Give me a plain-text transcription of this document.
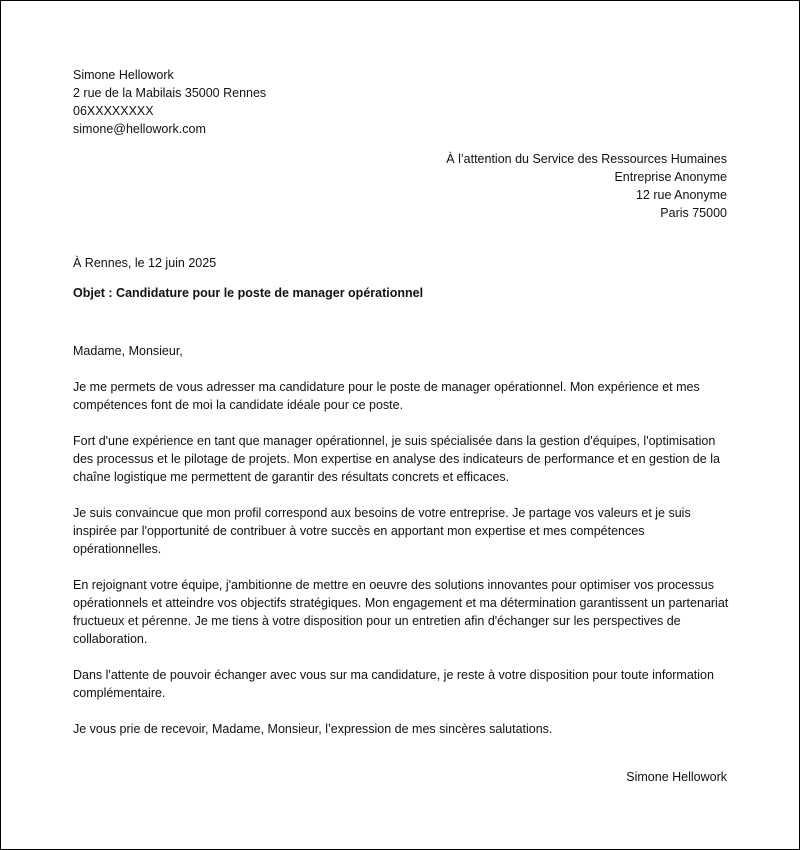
Simone Hellowork
2 rue de la Mabilais 35000 Rennes
06XXXXXXXX
simone@hellowork.com
À l’attention du Service des Ressources Humaines
Entreprise Anonyme
12 rue Anonyme
Paris 75000
À Rennes, le 12 juin 2025
Objet : Candidature pour le poste de manager opérationnel

Madame, Monsieur,

Je me permets de vous adresser ma candidature pour le poste de manager opérationnel. Mon expérience et mes compétences font de moi la candidate idéale pour ce poste.

Fort d'une expérience en tant que manager opérationnel, je suis spécialisée dans la gestion d'équipes, l'optimisation des processus et le pilotage de projets. Mon expertise en analyse des indicateurs de performance et en gestion de la chaîne logistique me permettent de garantir des résultats concrets et efficaces.

Je suis convaincue que mon profil correspond aux besoins de votre entreprise. Je partage vos valeurs et je suis inspirée par l'opportunité de contribuer à votre succès en apportant mon expertise et mes compétences opérationnelles.

En rejoignant votre équipe, j'ambitionne de mettre en oeuvre des solutions innovantes pour optimiser vos processus opérationnels et atteindre vos objectifs stratégiques. Mon engagement et ma détermination garantissent un partenariat fructueux et pérenne. Je me tiens à votre disposition pour un entretien afin d'échanger sur les perspectives de collaboration.

Dans l'attente de pouvoir échanger avec vous sur ma candidature, je reste à votre disposition pour toute information complémentaire.

Je vous prie de recevoir, Madame, Monsieur, l’expression de mes sincères salutations.

Simone Hellowork
